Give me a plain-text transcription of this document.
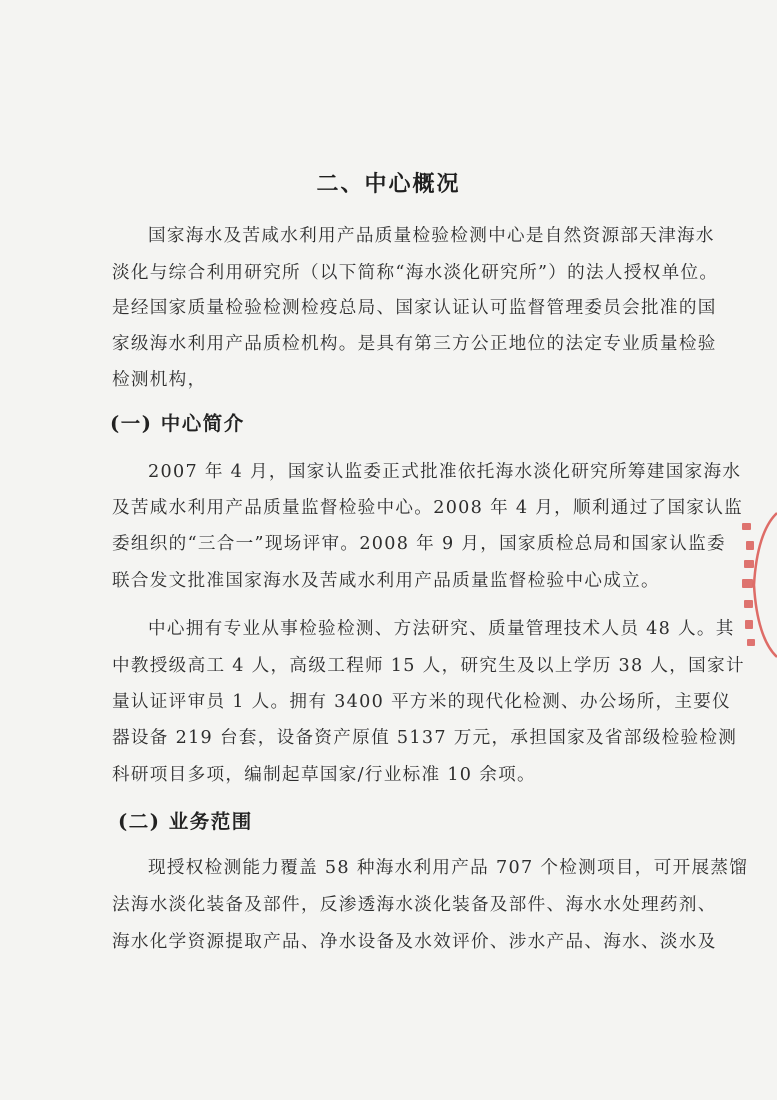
二、中心概况
国家海水及苦咸水利用产品质量检验检测中心是自然资源部天津海水
淡化与综合利用研究所（以下简称“海水淡化研究所”）的法人授权单位。
是经国家质量检验检测检疫总局、国家认证认可监督管理委员会批准的国
家级海水利用产品质检机构。是具有第三方公正地位的法定专业质量检验
检测机构，
(一) 中心简介
2007 年 4 月，国家认监委正式批准依托海水淡化研究所筹建国家海水
及苦咸水利用产品质量监督检验中心。2008 年 4 月，顺利通过了国家认监
委组织的“三合一”现场评审。2008 年 9 月，国家质检总局和国家认监委
联合发文批准国家海水及苦咸水利用产品质量监督检验中心成立。
中心拥有专业从事检验检测、方法研究、质量管理技术人员 48 人。其
中教授级高工 4 人，高级工程师 15 人，研究生及以上学历 38 人，国家计
量认证评审员 1 人。拥有 3400 平方米的现代化检测、办公场所，主要仪
器设备 219 台套，设备资产原值 5137 万元，承担国家及省部级检验检测
科研项目多项，编制起草国家/行业标准 10 余项。
(二) 业务范围
现授权检测能力覆盖 58 种海水利用产品 707 个检测项目，可开展蒸馏
法海水淡化装备及部件，反渗透海水淡化装备及部件、海水水处理药剂、
海水化学资源提取产品、净水设备及水效评价、涉水产品、海水、淡水及
